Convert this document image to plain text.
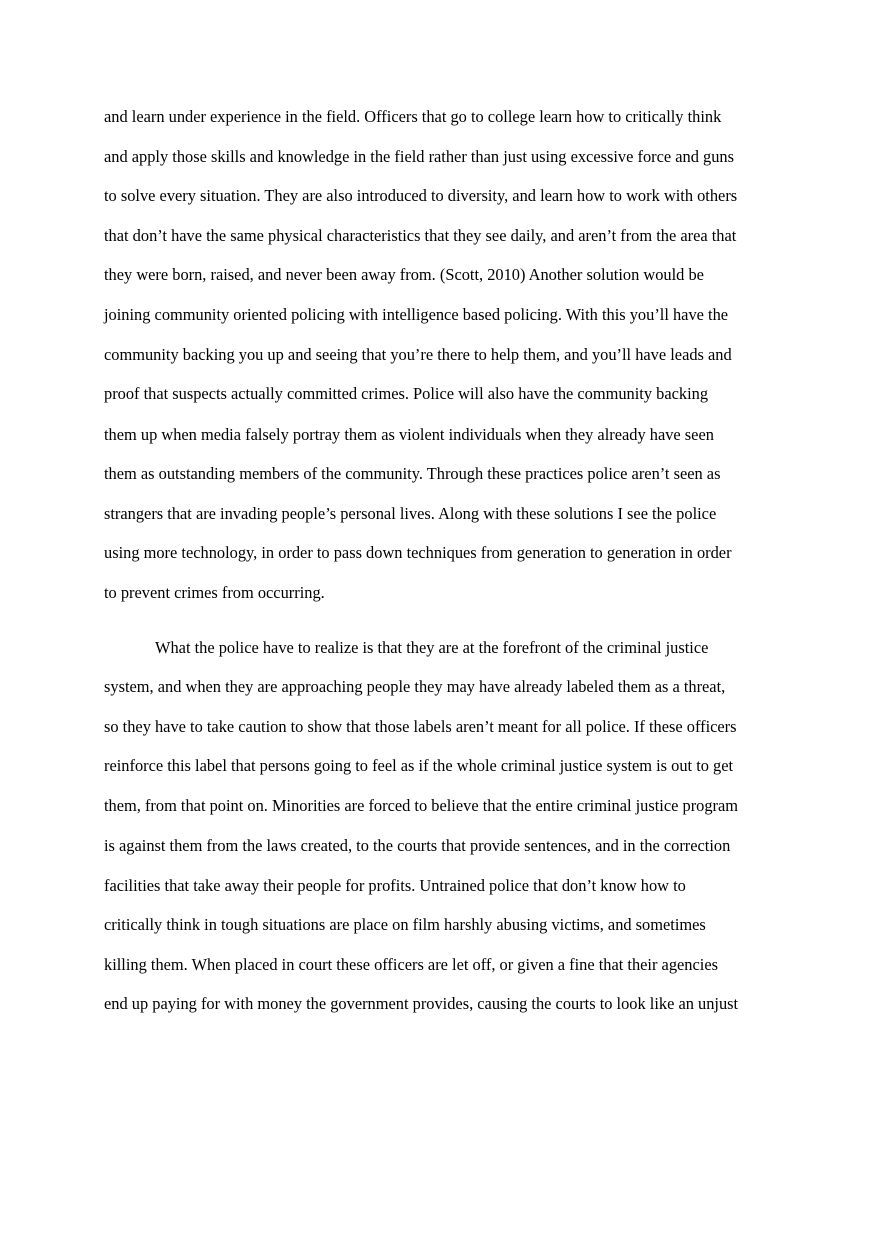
and learn under experience in the field. Officers that go to college learn how to critically think

and apply those skills and knowledge in the field rather than just using excessive force and guns

to solve every situation. They are also introduced to diversity, and learn how to work with others

that don’t have the same physical characteristics that they see daily, and aren’t from the area that

they were born, raised, and never been away from. (Scott, 2010) Another solution would be

joining community oriented policing with intelligence based policing. With this you’ll have the

community backing you up and seeing that you’re there to help them, and you’ll have leads and

proof that suspects actually committed crimes. Police will also have the community backing

them up when media falsely portray them as violent individuals when they already have seen

them as outstanding members of the community. Through these practices police aren’t seen as

strangers that are invading people’s personal lives. Along with these solutions I see the police

using more technology, in order to pass down techniques from generation to generation in order

to prevent crimes from occurring.

What the police have to realize is that they are at the forefront of the criminal justice

system, and when they are approaching people they may have already labeled them as a threat,

so they have to take caution to show that those labels aren’t meant for all police. If these officers

reinforce this label that persons going to feel as if the whole criminal justice system is out to get

them, from that point on. Minorities are forced to believe that the entire criminal justice program

is against them from the laws created, to the courts that provide sentences, and in the correction

facilities that take away their people for profits. Untrained police that don’t know how to

critically think in tough situations are place on film harshly abusing victims, and sometimes

killing them. When placed in court these officers are let off, or given a fine that their agencies

end up paying for with money the government provides, causing the courts to look like an unjust
